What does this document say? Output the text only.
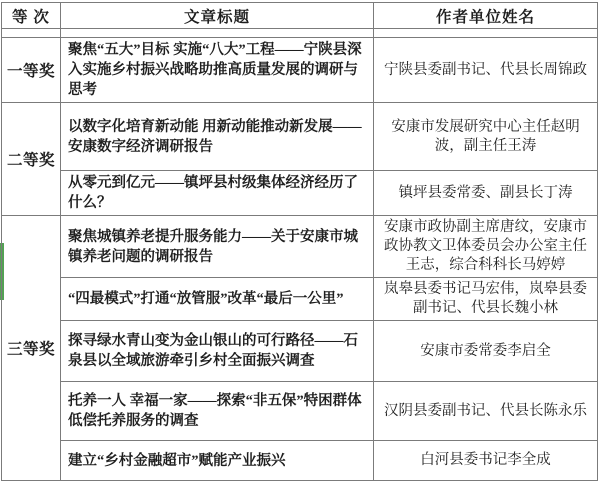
等 次	文章标题	作者单位姓名

一等奖	聚焦“五大”目标 实施“八大”工程——宁陕县深入实施乡村振兴战略助推高质量发展的调研与思考	宁陕县委副书记、代县长周锦政
二等奖	以数字化培育新动能 用新动能推动新发展——安康数字经济调研报告	安康市发展研究中心主任赵明波，副主任王涛
	从零元到亿元——镇坪县村级集体经济经历了什么？	镇坪县委常委、副县长丁涛
三等奖	聚焦城镇养老提升服务能力——关于安康市城镇养老问题的调研报告	安康市政协副主席唐纹，安康市政协教文卫体委员会办公室主任王志，综合科科长马婷婷
	“四最模式”打通“放管服”改革“最后一公里”	岚皋县委书记马宏伟，岚皋县委副书记、代县长魏小林
	探寻绿水青山变为金山银山的可行路径——石泉县以全域旅游牵引乡村全面振兴调查	安康市委常委李启全
	托养一人 幸福一家——探索“非五保”特困群体低偿托养服务的调查	汉阴县委副书记、代县长陈永乐
	建立“乡村金融超市”赋能产业振兴	白河县委书记李全成
